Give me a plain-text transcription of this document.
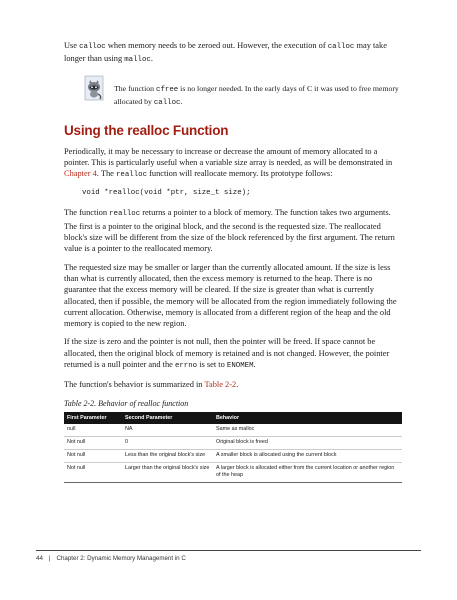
Use calloc when memory needs to be zeroed out. However, the execution of calloc may take longer than using malloc.

The function cfree is no longer needed. In the early days of C it was used to free memory allocated by calloc.

Using the realloc Function

Periodically, it may be necessary to increase or decrease the amount of memory allocated to a pointer. This is particularly useful when a variable size array is needed, as will be demonstrated in Chapter 4. The realloc function will reallocate memory. Its prototype follows:

void *realloc(void *ptr, size_t size);

The function realloc returns a pointer to a block of memory. The function takes two arguments. The first is a pointer to the original block, and the second is the requested size. The reallocated block's size will be different from the size of the block referenced by the first argument. The return value is a pointer to the reallocated memory.

The requested size may be smaller or larger than the currently allocated amount. If the size is less than what is currently allocated, then the excess memory is returned to the heap. There is no guarantee that the excess memory will be cleared. If the size is greater than what is currently allocated, then if possible, the memory will be allocated from the region immediately following the current allocation. Otherwise, memory is allocated from a different region of the heap and the old memory is copied to the new region.

If the size is zero and the pointer is not null, then the pointer will be freed. If space cannot be allocated, then the original block of memory is retained and is not changed. However, the pointer returned is a null pointer and the errno is set to ENOMEM.

The function's behavior is summarized in Table 2-2.

Table 2-2. Behavior of realloc function
First Parameter	Second Parameter	Behavior
null	NA	Same as malloc
Not null	0	Original block is freed
Not null	Less than the original block's size	A smaller block is allocated using the current block
Not null	Larger than the original block's size	A larger block is allocated either from the current location or another region of the heap
44 | Chapter 2: Dynamic Memory Management in C
